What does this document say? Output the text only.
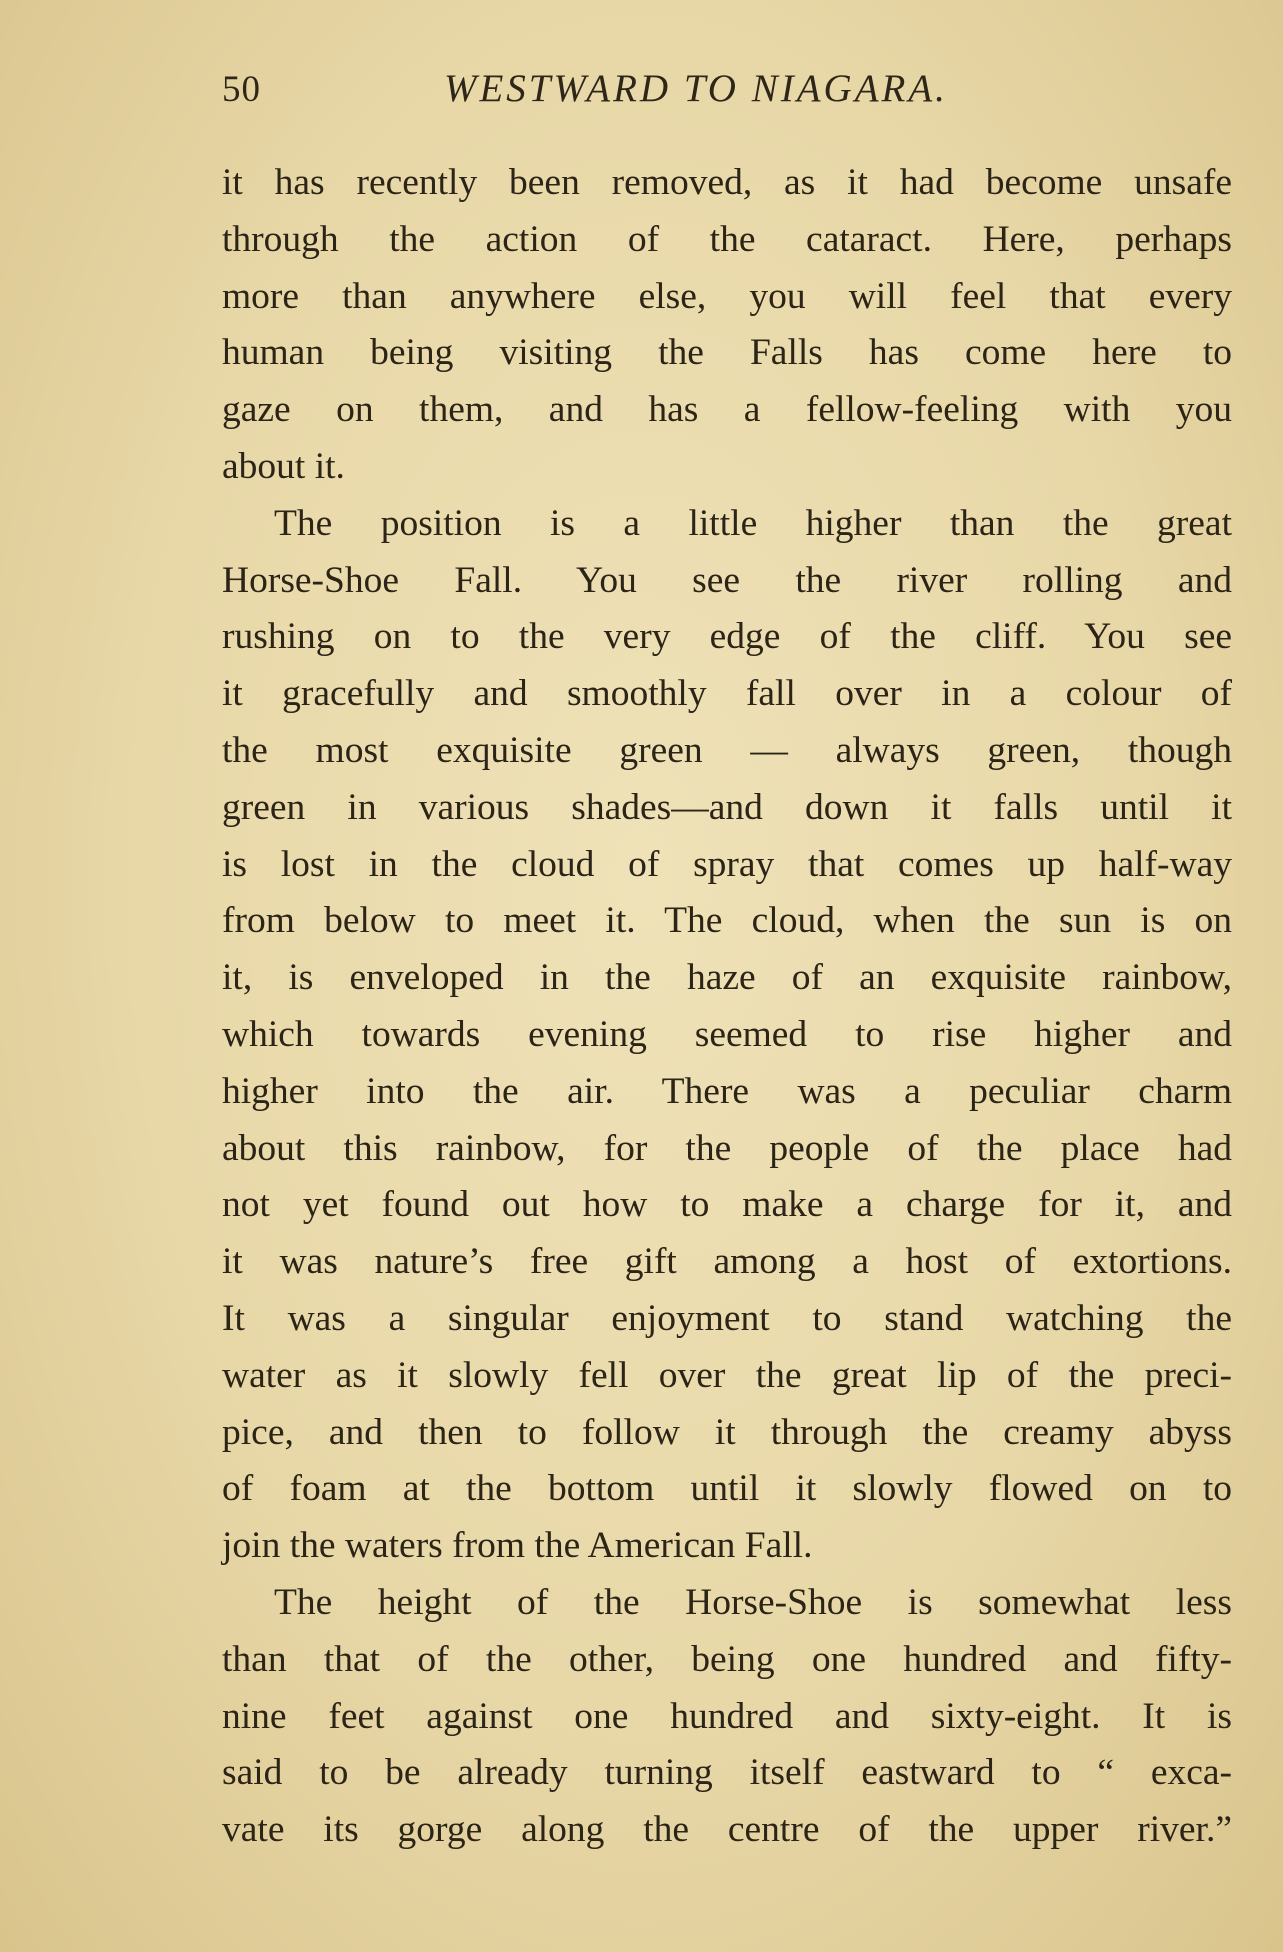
50	WESTWARD TO NIAGARA.
it has recently been removed, as it had become unsafe
through the action of the cataract. Here, perhaps
more than anywhere else, you will feel that every
human being visiting the Falls has come here to
gaze on them, and has a fellow-feeling with you
about it.
The position is a little higher than the great
Horse-Shoe Fall. You see the river rolling and
rushing on to the very edge of the cliff. You see
it gracefully and smoothly fall over in a colour of
the most exquisite green — always green, though
green in various shades—and down it falls until it
is lost in the cloud of spray that comes up half-way
from below to meet it. The cloud, when the sun is on
it, is enveloped in the haze of an exquisite rainbow,
which towards evening seemed to rise higher and
higher into the air. There was a peculiar charm
about this rainbow, for the people of the place had
not yet found out how to make a charge for it, and
it was nature’s free gift among a host of extortions.
It was a singular enjoyment to stand watching the
water as it slowly fell over the great lip of the preci-
pice, and then to follow it through the creamy abyss
of foam at the bottom until it slowly flowed on to
join the waters from the American Fall.
The height of the Horse-Shoe is somewhat less
than that of the other, being one hundred and fifty-
nine feet against one hundred and sixty-eight. It is
said to be already turning itself eastward to “ exca-
vate its gorge along the centre of the upper river.”
